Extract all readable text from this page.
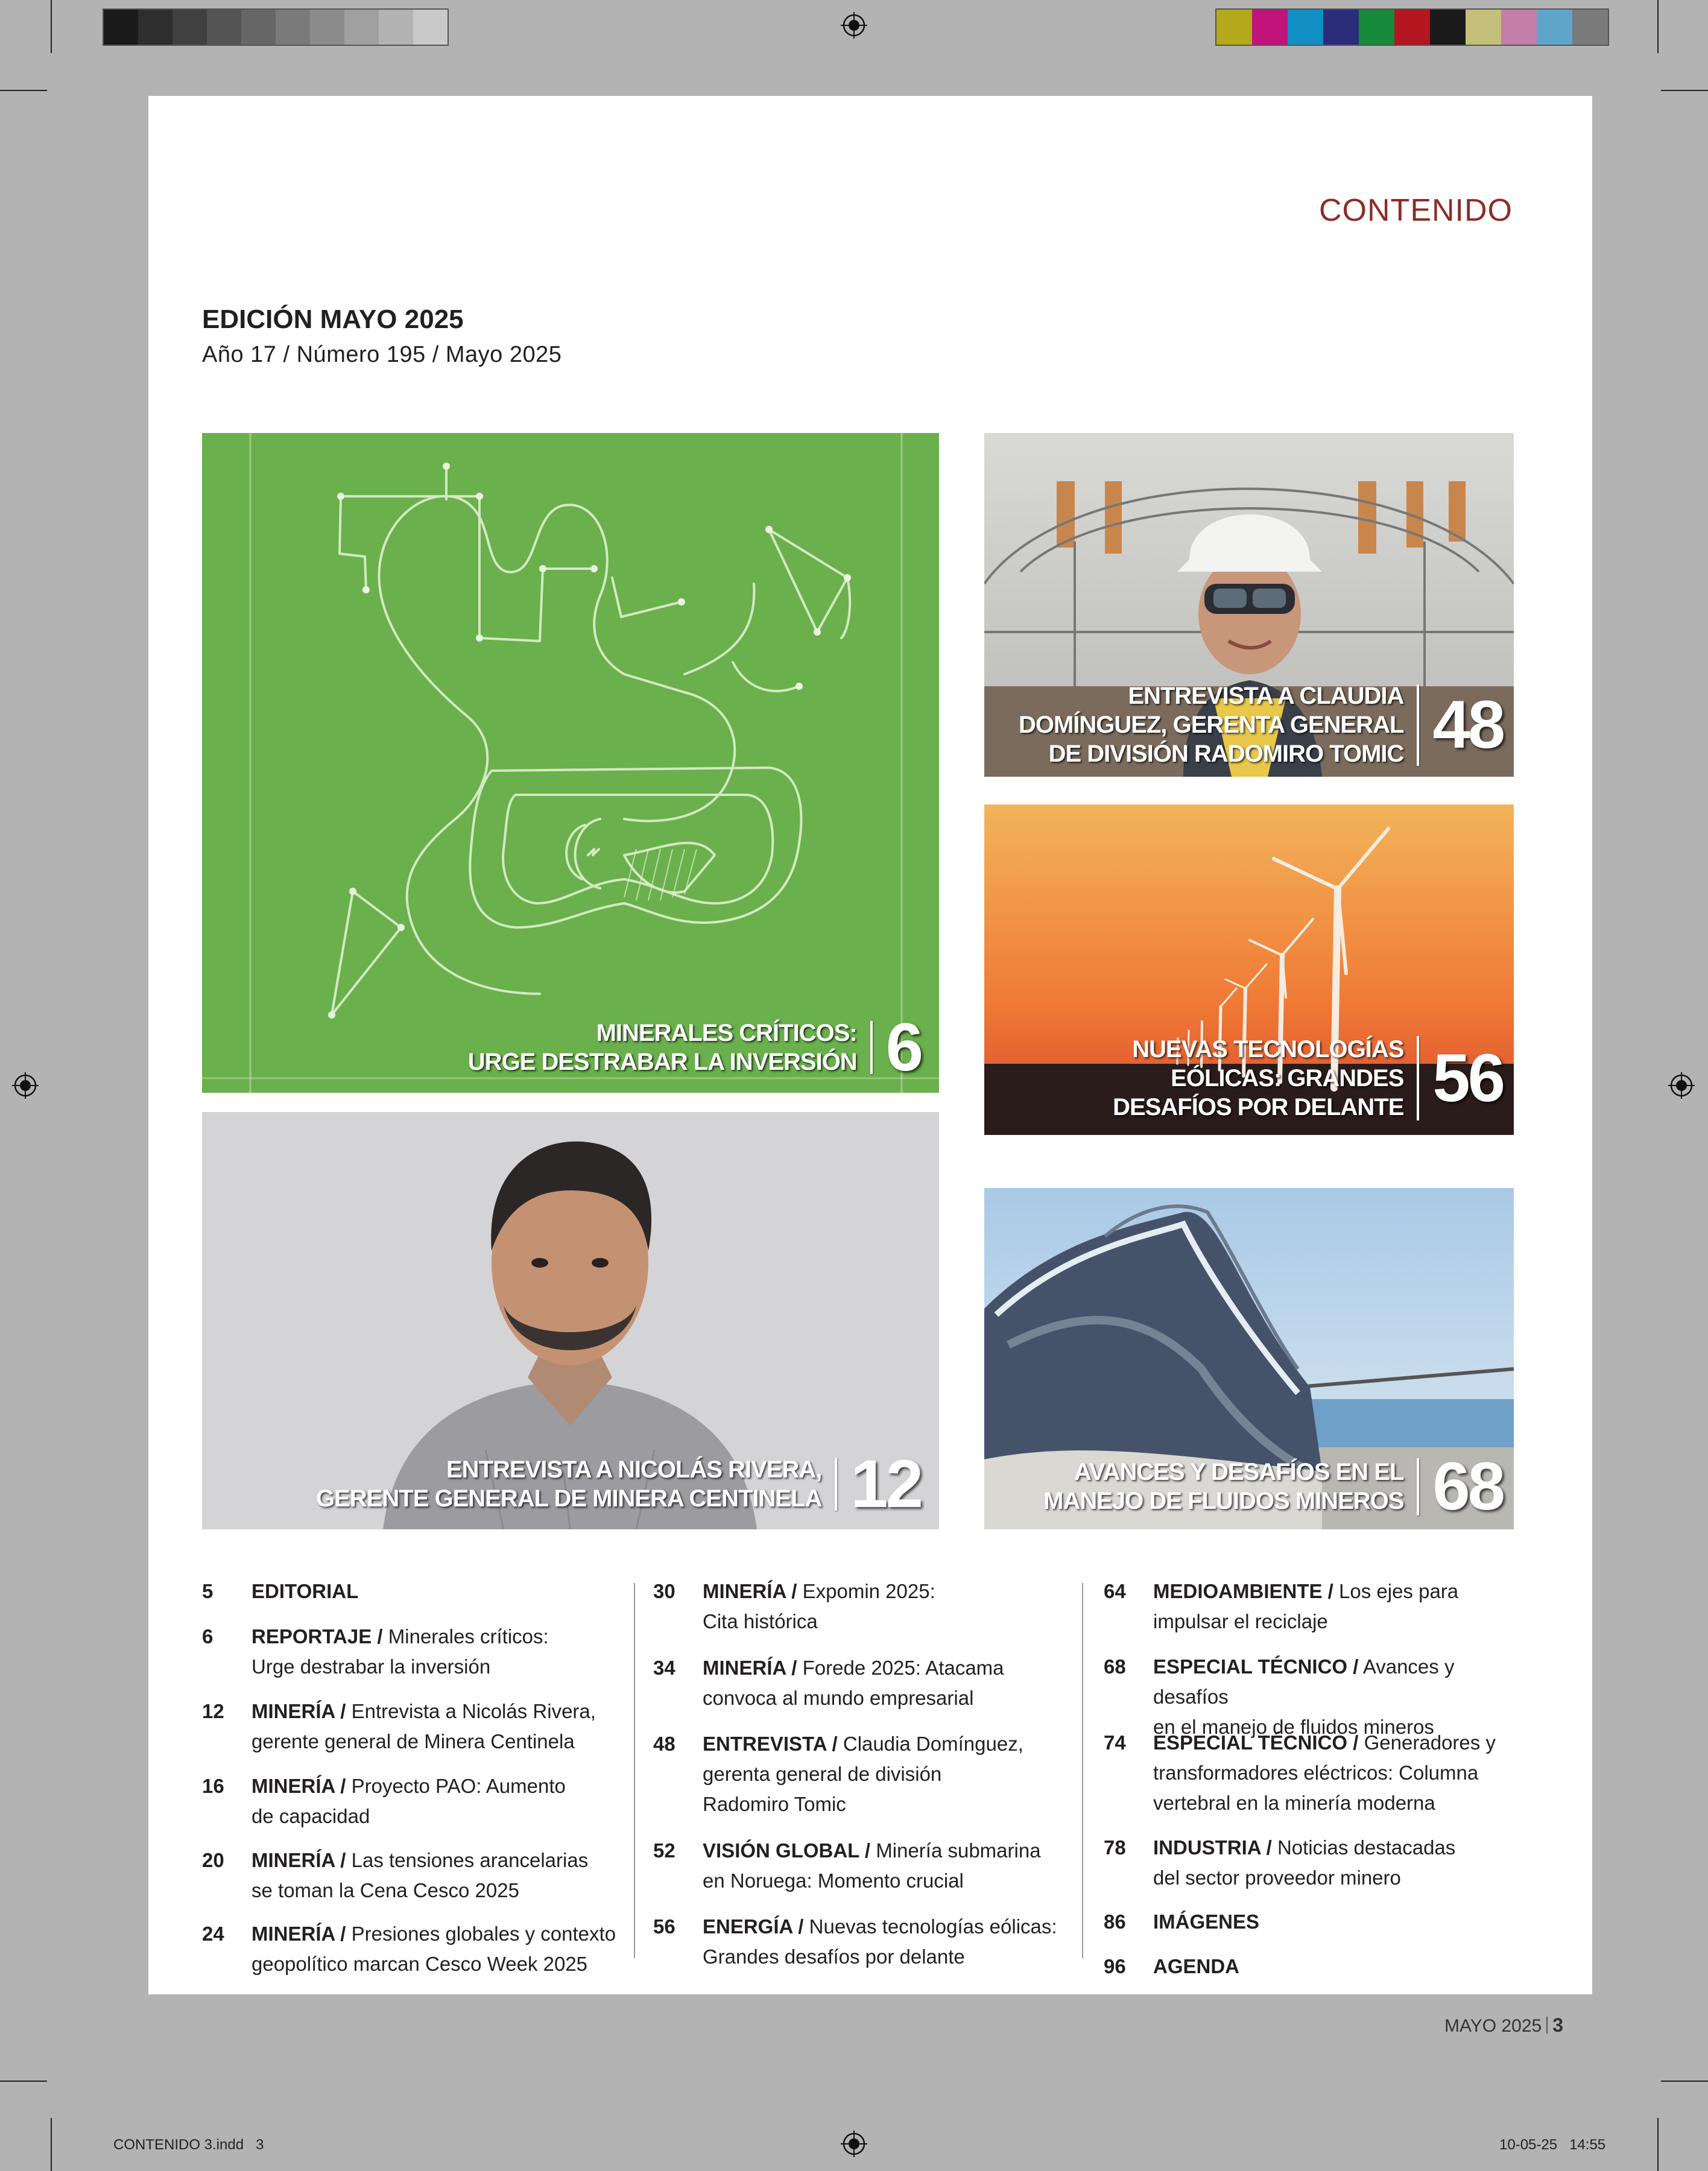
CONTENIDO 3.indd   3	10-05-25   14:55
CONTENIDO
EDICIÓN MAYO 2025
Año 17 / Número 195 / Mayo 2025
MINERALES CRÍTICOS:
URGE DESTRABAR LA INVERSIÓN 6
ENTREVISTA A CLAUDIA
DOMÍNGUEZ, GERENTA GENERAL
DE DIVISIÓN RADOMIRO TOMIC 48
NUEVAS TECNOLOGÍAS
EÓLICAS: GRANDES
DESAFÍOS POR DELANTE 56
ENTREVISTA A NICOLÁS RIVERA,
GERENTE GENERAL DE MINERA CENTINELA 12	AVANCES Y DESAFÍOS EN EL
MANEJO DE FLUIDOS MINEROS 68
5	EDITORIAL
6	REPORTAJE / Minerales críticos:
Urge destrabar la inversión
12	MINERÍA / Entrevista a Nicolás Rivera,
gerente general de Minera Centinela
16	MINERÍA / Proyecto PAO: Aumento
de capacidad
20	MINERÍA / Las tensiones arancelarias
se toman la Cena Cesco 2025
24	MINERÍA / Presiones globales y contexto
geopolítico marcan Cesco Week 2025
30	MINERÍA / Expomin 2025:
Cita histórica
34	MINERÍA / Forede 2025: Atacama
convoca al mundo empresarial
48	ENTREVISTA / Claudia Domínguez,
gerenta general de división
Radomiro Tomic
52	VISIÓN GLOBAL / Minería submarina
en Noruega: Momento crucial
56	ENERGÍA / Nuevas tecnologías eólicas:
Grandes desafíos por delante
64	MEDIOAMBIENTE / Los ejes para
impulsar el reciclaje
68	ESPECIAL TÉCNICO / Avances y desafíos
en el manejo de fluidos mineros
74	ESPECIAL TÉCNICO / Generadores y
transformadores eléctricos: Columna
vertebral en la minería moderna
78	INDUSTRIA / Noticias destacadas
del sector proveedor minero
86	IMÁGENES
96	AGENDA
MAYO 2025 3
